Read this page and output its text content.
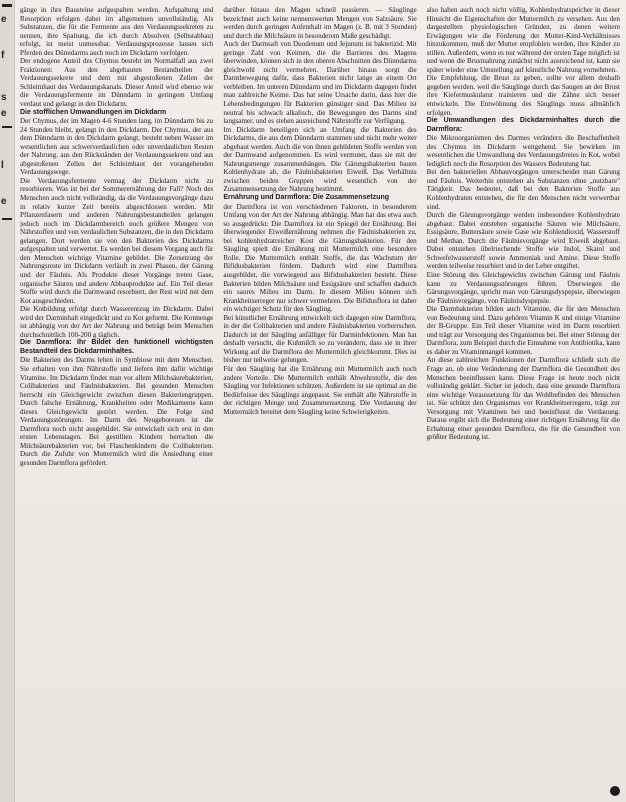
e
f
s
e
l
e

gänge in ihre Bausteine aufgespalten werden. Aufspaltung und Resorption erfolgen dabei im allgemeinen unvollständig. Als Substanzen, die für die Fermente aus den Verdauungssekreten zu nennen, ihre Spaltung, die ich durch Absolven (Selbstabbau) erfolgt, ist meist unmessbar. Verdauungsprozesse lassen sich Pferden des Dünndarms auch noch im Dickdarm verfolgen.

Der endogene Anteil des Chymus besteht im Normalfall aus zwei Fraktionen: Aus den abgebauten Bestandteilen der Verdauungssekrete und dem mit abgestoßenen Zellen der Schleimhaut des Verdauungskanals. Dieser Anteil wird ebenso wie die Verdauungsfermente im Dünndarm in geringem Umfang verdaut und gelangt in den Dickdarm.

Die stofflichen Umwandlungen im Dickdarm

Der Chymus, der im Magen 4-6 Stunden lang, im Dünndarm bis zu 24 Stunden bleibt, gelangt in den Dickdarm. Der Chymus, der aus dem Dünndarm in den Dickdarm gelangt, besteht neben Wasser im wesentlichen aus schwerverdaulichen oder unverdaulichen Resten der Nahrung, aus den Rückständen der Verdauungssekrete und aus abgestoßenen Zellen der Schleimhaut der vorangehenden Verdauungswege.

Die Verdauungsfermente vermag der Dickdarm nicht zu resorbieren. Was ist bei der Sommerernährung der Fall? Noch des Menschen auch nicht vollständig, da die Verdauungsvorgänge dazu in relativ kurzer Zeit bereits abgeschlossen werden. Mit Pflanzenfasern und anderen Nahrungsbestandteilen gelangen jedoch noch im Dickdarmbereich noch größere Mengen von Nährstoffen und von verdaulichen Substanzen, die in den Dickdarm gelangen. Dort werden sie von den Bakterien des Dickdarms aufgespalten und verwertet. Es werden bei diesem Vorgang auch für den Menschen wichtige Vitamine gebildet. Die Zersetzung der Nahrungsreste im Dickdarm verläuft in zwei Phasen, der Gärung und der Fäulnis. Als Produkte dieser Vorgänge treten Gase, organische Säuren und andere Abbauprodukte auf. Ein Teil dieser Stoffe wird durch die Darmwand resorbiert, der Rest wird mit dem Kot ausgeschieden.

Die Kotbildung erfolgt durch Wasserentzug im Dickdarm. Dabei wird der Darminhalt eingedickt und zu Kot geformt. Die Kotmenge ist abhängig von der Art der Nahrung und beträgt beim Menschen durchschnittlich 100-200 g täglich.

Die Darmflora: Ihr Bildet den funktionell wichtigsten Bestandteil des Dickdarminhaltes.

Die Bakterien des Darms leben in Symbiose mit dem Menschen. Sie erhalten von ihm Nährstoffe und liefern ihm dafür wichtige Vitamine. Im Dickdarm findet man vor allem Milchsäurebakterien, Colibakterien und Fäulnisbakterien. Bei gesunden Menschen herrscht ein Gleichgewicht zwischen diesen Bakteriengruppen. Durch falsche Ernährung, Krankheiten oder Medikamente kann dieses Gleichgewicht gestört werden. Die Folge sind Verdauungsstörungen. Im Darm des Neugeborenen ist die Darmflora noch nicht ausgebildet. Sie entwickelt sich erst in den ersten Lebenstagen. Bei gestillten Kindern herrschen die Milchsäurebakterien vor, bei Flaschenkindern die Colibakterien. Durch die Zufuhr von Muttermilch wird die Ansiedlung einer gesunden Darmflora gefördert.

darüber hinaus den Magen schnell passieren. — Säuglinge bezeichnet auch keine nennenswerten Mengen von Salzsäure. Sie werden durch geringen Aufenthalt im Magen (z. B. mit 3 Stunden) und durch die Milchsäure in besonderem Maße geschädigt.

Auch der Darmsaft von Duodenum und Jejunum ist bakterizid. Mit geringe Zahl von Keimen, die die Barrieres des Magens überwinden, können sich in den oberen Abschnitten des Dünndarms gleichwohl nicht vermehren. Darüber hinaus sorgt die Darmbewegung dafür, dass Bakterien nicht lange an einem Ort verbleiben. Im unteren Dünndarm und im Dickdarm dagegen findet man zahlreiche Keime. Das hat seine Ursache darin, dass hier die Lebensbedingungen für Bakterien günstiger sind. Das Milieu ist neutral bis schwach alkalisch, die Bewegungen des Darms sind langsamer, und es stehen ausreichend Nährstoffe zur Verfügung.

Im Dickdarm beteiligen sich an Umfang die Bakterien des Dickdarms, die aus dem Dünndarm stammen und nicht mehr weiter abgebaut werden. Auch die von ihnen gebildeten Stoffe werden von der Darmwand aufgenommen. Es wird vermutet, dass sie mit der Nahrungsmenge zusammenhängen. Die Gärungsbakterien bauen Kohlenhydrate ab, die Fäulnisbakterien Eiweiß. Das Verhältnis zwischen beiden Gruppen wird wesentlich von der Zusammensetzung der Nahrung bestimmt.

Ernährung und Darmflora: Die Zusammensetzung

der Darmflora ist von verschiedenen Faktoren, in besonderem Umfang von der Art der Nahrung abhängig. Man hat das etwa auch so ausgedrückt: Die Darmflora ist ein Spiegel der Ernährung. Bei überwiegender Eiweißernährung nehmen die Fäulnisbakterien zu, bei kohlenhydratreicher Kost die Gärungsbakterien. Für den Säugling spielt die Ernährung mit Muttermilch eine besondere Rolle. Die Muttermilch enthält Stoffe, die das Wachstum der Bifidusbakterien fördern. Dadurch wird eine Darmflora ausgebildet, die vorwiegend aus Bifidusbakterien besteht. Diese Bakterien bilden Milchsäure und Essigsäure und schaffen dadurch ein saures Milieu im Darm. In diesem Milieu können sich Krankheitserreger nur schwer vermehren. Die Bifidusflora ist daher ein wichtiger Schutz für den Säugling.

Bei künstlicher Ernährung entwickelt sich dagegen eine Darmflora, in der die Colibakterien und andere Fäulnisbakterien vorherrschen. Dadurch ist der Säugling anfälliger für Darminfektionen. Man hat deshalb versucht, die Kuhmilch so zu verändern, dass sie in ihrer Wirkung auf die Darmflora der Muttermilch gleichkommt. Dies ist bisher nur teilweise gelungen.

Für den Säugling hat die Ernährung mit Muttermilch auch noch andere Vorteile. Die Muttermilch enthält Abwehrstoffe, die den Säugling vor Infektionen schützen. Außerdem ist sie optimal an die Bedürfnisse des Säuglings angepasst. Sie enthält alle Nährstoffe in der richtigen Menge und Zusammensetzung. Die Verdauung der Muttermilch bereitet dem Säugling keine Schwierigkeiten.

also haben auch noch nicht völlig, Kohlenhydratspeicher in dieser Hinsicht die Eigenschaften der Muttermilch zu versehen. Aus den dargestellten physiologischen Gründen, zu denen weitere Erwägungen wie die Förderung der Mutter-Kind-Verhältnisses hinzukommen, muß der Mutter empfohlen werden, ihre Kinder zu stillen. Außerdem, wenn es nur während der ersten Tage möglich ist und wenn die Brustnahrung zunächst nicht ausreichend ist, kann sie später wieder eine Umstellung auf künstliche Nahrung vornehmen.

Die Empfehlung, die Brust zu geben, sollte vor allem deshalb gegeben werden, weil die Säuglinge durch das Saugen an der Brust ihre Kiefermuskulatur trainieren und die Zähne sich besser entwickeln. Die Entwöhnung des Säuglings muss allmählich erfolgen.

Die Umwandlungen des Dickdarminhaltes durch die Darmflora:

Die Mikroorganismen des Darmes verändern die Beschaffenheit des Chymus im Dickdarm weitgehend. Sie bewirken im wesentlichen die Umwandlung des Verdauungsbreies in Kot, wobei lediglich noch die Resorption des Wassers Bedeutung hat.

Bei den bakteriellen Abbauvorgängen unterscheidet man Gärung und Fäulnis. Weiterhin entstehen als Substanzen ohne „nutzbare" Tätigkeit. Das bedeutet, daß bei den Bakterien Stoffe aus Kohlenhydraten entstehen, die für den Menschen nicht verwertbar sind.

Durch die Gärungsvorgänge werden insbesondere Kohlenhydrate abgebaut. Dabei entstehen organische Säuren wie Milchsäure, Essigsäure, Buttersäure sowie Gase wie Kohlendioxid, Wasserstoff und Methan. Durch die Fäulnisvorgänge wird Eiweiß abgebaut. Dabei entstehen übelriechende Stoffe wie Indol, Skatol und Schwefelwasserstoff sowie Ammoniak und Amine. Diese Stoffe werden teilweise resorbiert und in der Leber entgiftet.

Eine Störung des Gleichgewichts zwischen Gärung und Fäulnis kann zu Verdauungsstörungen führen. Überwiegen die Gärungsvorgänge, spricht man von Gärungsdyspepsie, überwiegen die Fäulnisvorgänge, von Fäulnisdyspepsie.

Die Darmbakterien bilden auch Vitamine, die für den Menschen von Bedeutung sind. Dazu gehören Vitamin K und einige Vitamine der B-Gruppe. Ein Teil dieser Vitamine wird im Darm resorbiert und trägt zur Versorgung des Organismus bei. Bei einer Störung der Darmflora, zum Beispiel durch die Einnahme von Antibiotika, kann es daher zu Vitaminmangel kommen.

An diese zahlreichen Funktionen der Darmflora schließt sich die Frage an, ob eine Veränderung der Darmflora die Gesundheit des Menschen beeinflussen kann. Diese Frage ist heute noch nicht vollständig geklärt. Sicher ist jedoch, dass eine gesunde Darmflora eine wichtige Voraussetzung für das Wohlbefinden des Menschen ist. Sie schützt den Organismus vor Krankheitserregern, trägt zur Versorgung mit Vitaminen bei und beeinflusst die Verdauung. Daraus ergibt sich die Bedeutung einer richtigen Ernährung für die Erhaltung einer gesunden Darmflora, die für die Gesundheit von größter Bedeutung ist.
